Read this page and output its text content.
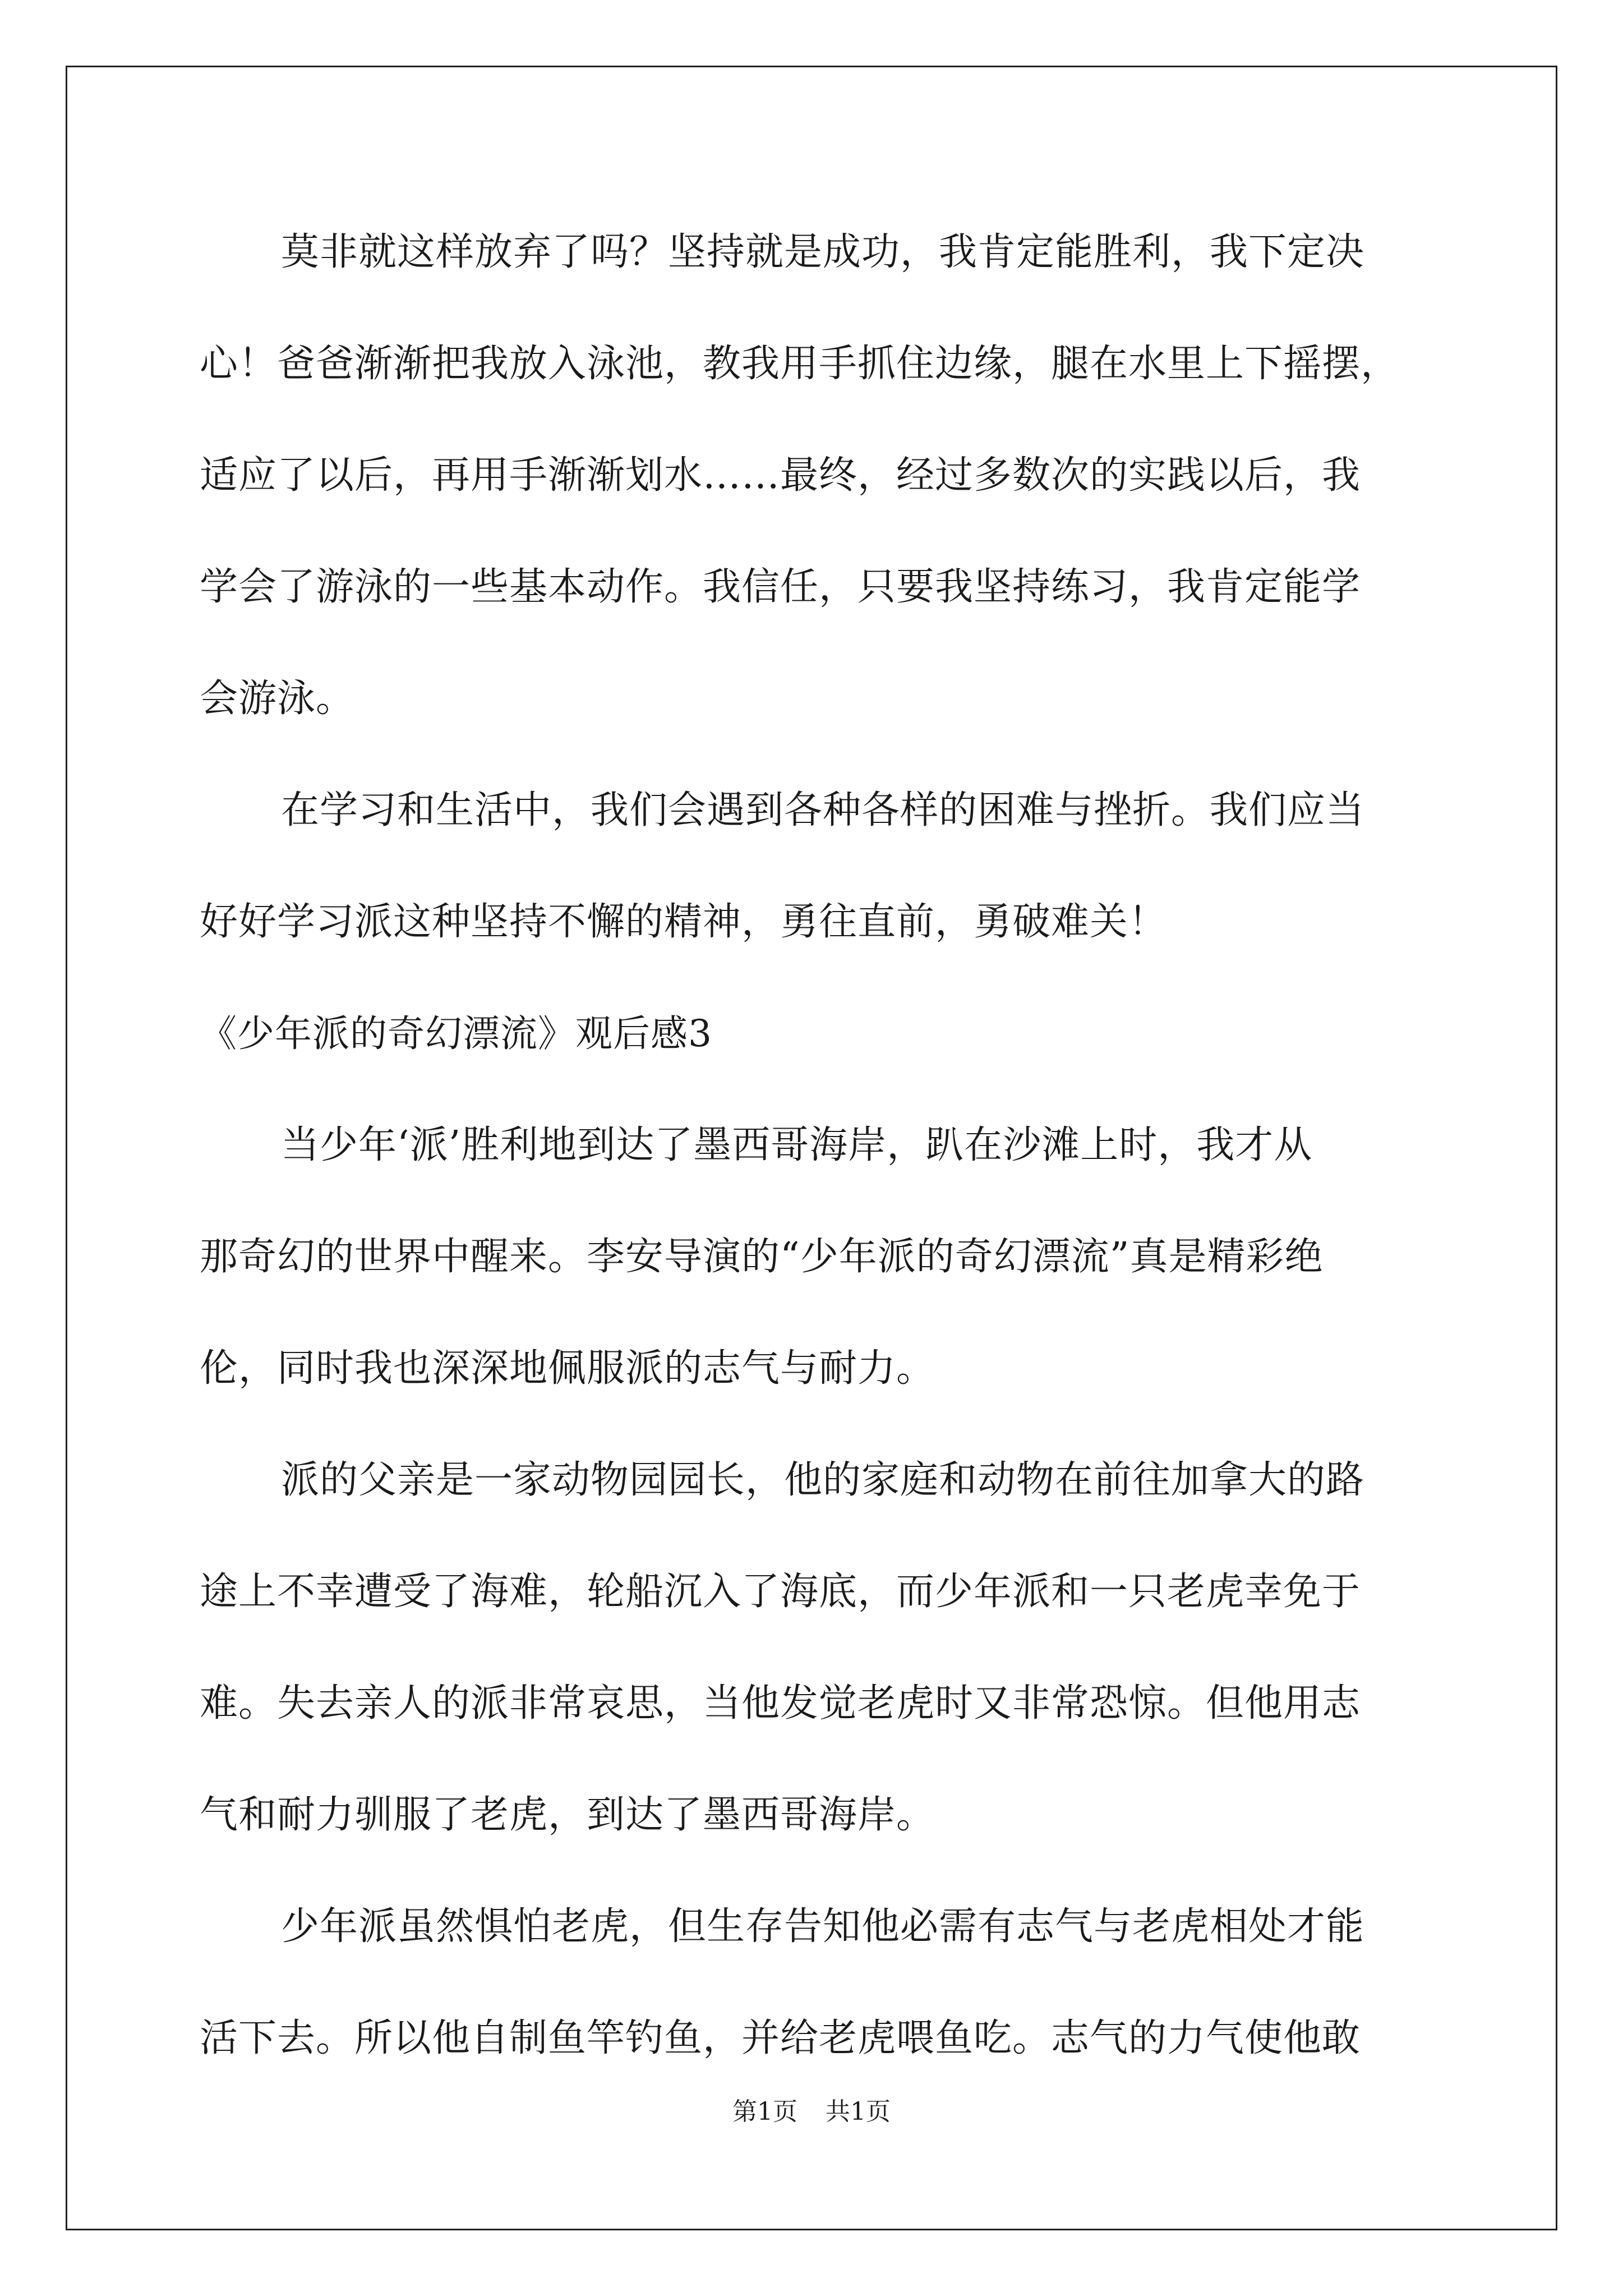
莫非就这样放弃了吗？坚持就是成功，我肯定能胜利，我下定决
心！爸爸渐渐把我放入泳池，教我用手抓住边缘，腿在水里上下摇摆，
适应了以后，再用手渐渐划水……最终，经过多数次的实践以后，我
学会了游泳的一些基本动作。我信任，只要我坚持练习，我肯定能学
会游泳。
在学习和生活中，我们会遇到各种各样的困难与挫折。我们应当
好好学习派这种坚持不懈的精神，勇往直前，勇破难关！
《少年派的奇幻漂流》观后感3
当少年‘派’胜利地到达了墨西哥海岸，趴在沙滩上时，我才从
那奇幻的世界中醒来。李安导演的“少年派的奇幻漂流”真是精彩绝
伦，同时我也深深地佩服派的志气与耐力。
派的父亲是一家动物园园长，他的家庭和动物在前往加拿大的路
途上不幸遭受了海难，轮船沉入了海底，而少年派和一只老虎幸免于
难。失去亲人的派非常哀思，当他发觉老虎时又非常恐惊。但他用志
气和耐力驯服了老虎，到达了墨西哥海岸。
少年派虽然惧怕老虎，但生存告知他必需有志气与老虎相处才能
活下去。所以他自制鱼竿钓鱼，并给老虎喂鱼吃。志气的力气使他敢
第1页 共1页
